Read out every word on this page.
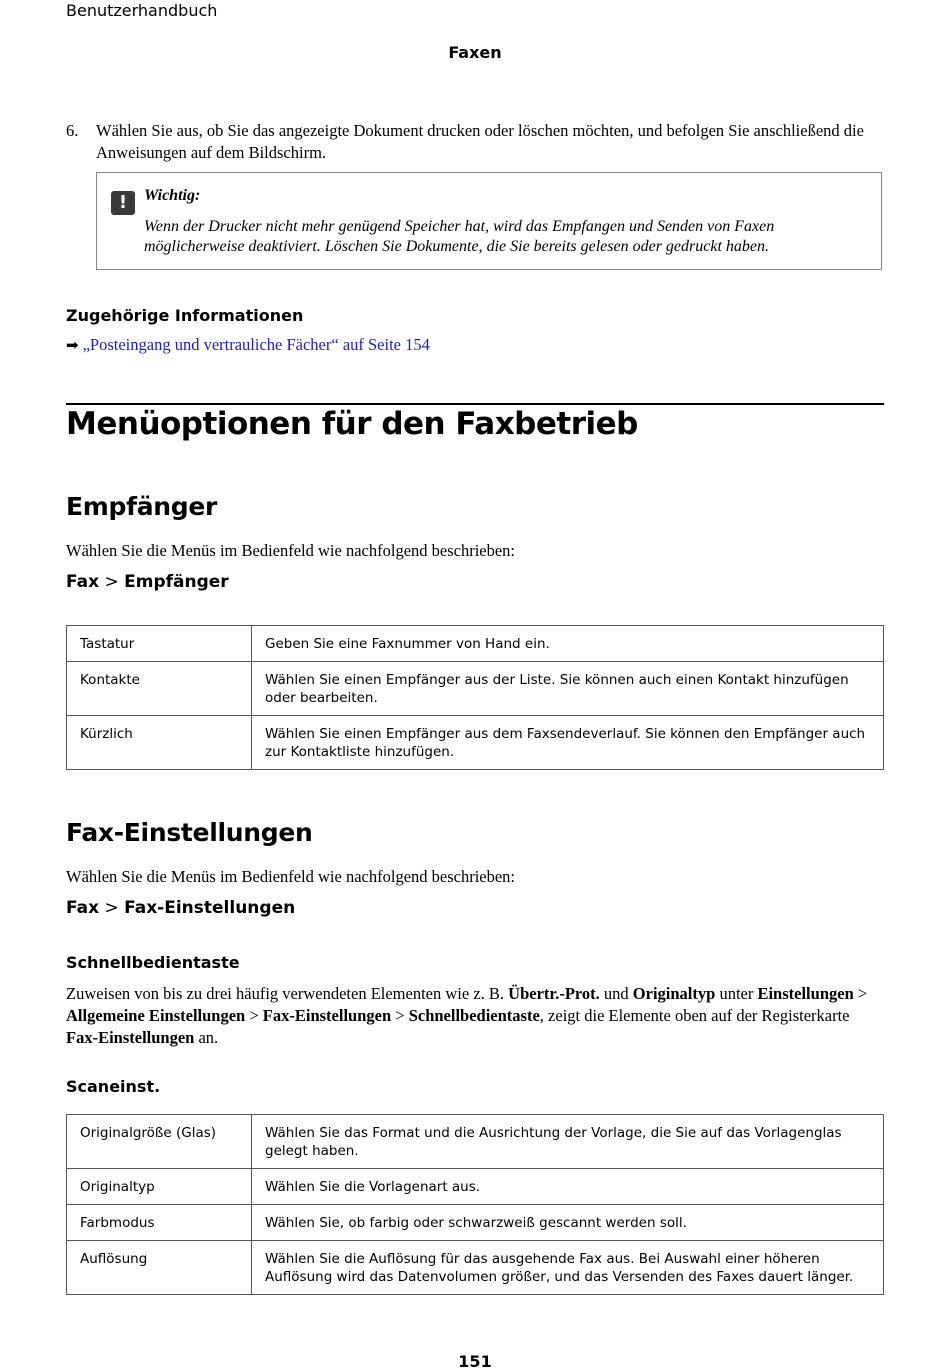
Benutzerhandbuch
Faxen
6. Wählen Sie aus, ob Sie das angezeigte Dokument drucken oder löschen möchten, und befolgen Sie anschließend die Anweisungen auf dem Bildschirm.
!	Wichtig:
Wenn der Drucker nicht mehr genügend Speicher hat, wird das Empfangen und Senden von Faxen möglicherweise deaktiviert. Löschen Sie Dokumente, die Sie bereits gelesen oder gedruckt haben.
Zugehörige Informationen
➡ „Posteingang und vertrauliche Fächer“ auf Seite 154
Menüoptionen für den Faxbetrieb
Empfänger
Wählen Sie die Menüs im Bedienfeld wie nachfolgend beschrieben:
Fax > Empfänger
Tastatur	Geben Sie eine Faxnummer von Hand ein.
Kontakte	Wählen Sie einen Empfänger aus der Liste. Sie können auch einen Kontakt hinzufügen oder bearbeiten.
Kürzlich	Wählen Sie einen Empfänger aus dem Faxsendeverlauf. Sie können den Empfänger auch zur Kontaktliste hinzufügen.
Fax-Einstellungen
Wählen Sie die Menüs im Bedienfeld wie nachfolgend beschrieben:
Fax > Fax-Einstellungen
Schnellbedientaste
Zuweisen von bis zu drei häufig verwendeten Elementen wie z. B. Übertr.-Prot. und Originaltyp unter Einstellungen > Allgemeine Einstellungen > Fax-Einstellungen > Schnellbedientaste, zeigt die Elemente oben auf der Registerkarte Fax-Einstellungen an.
Scaneinst.
Originalgröße (Glas)	Wählen Sie das Format und die Ausrichtung der Vorlage, die Sie auf das Vorlagenglas gelegt haben.
Originaltyp	Wählen Sie die Vorlagenart aus.
Farbmodus	Wählen Sie, ob farbig oder schwarzweiß gescannt werden soll.
Auflösung	Wählen Sie die Auflösung für das ausgehende Fax aus. Bei Auswahl einer höheren Auflösung wird das Datenvolumen größer, und das Versenden des Faxes dauert länger.
151
